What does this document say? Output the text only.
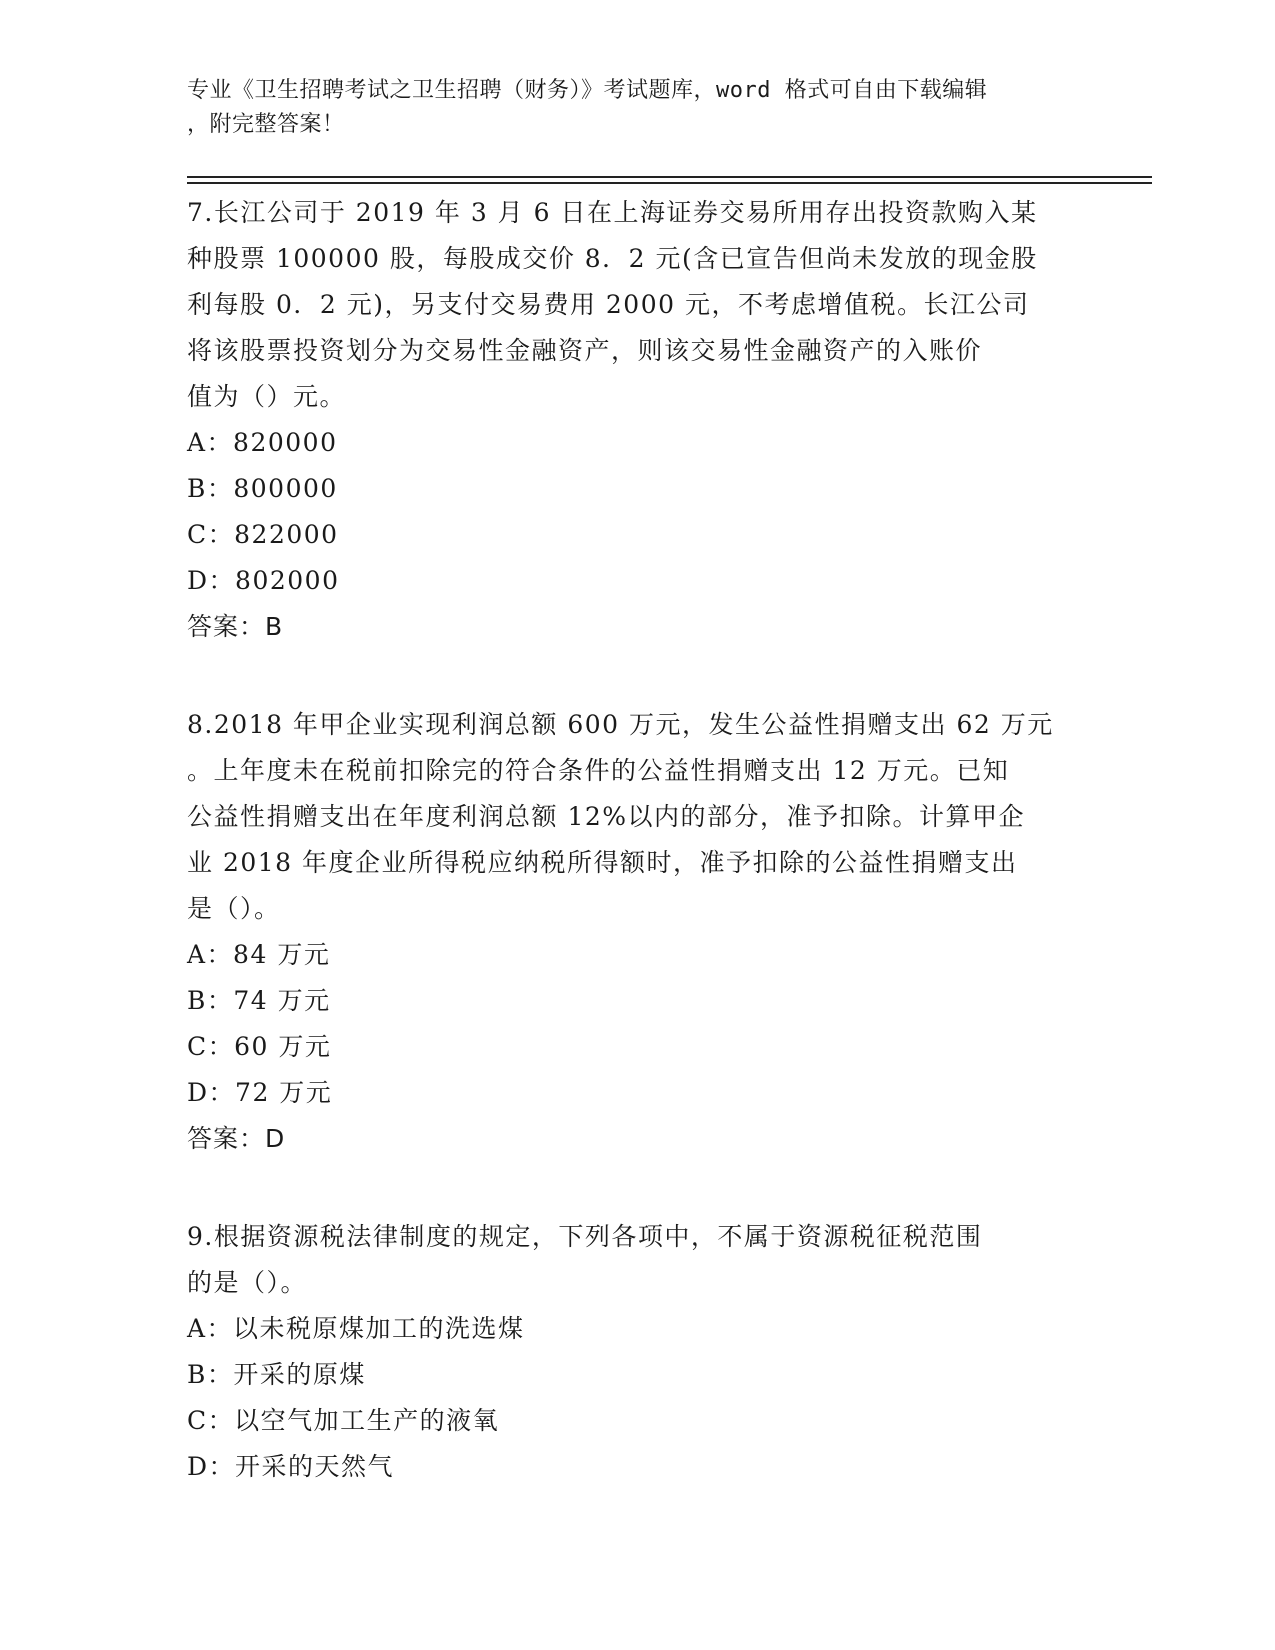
专业《卫生招聘考试之卫生招聘（财务）》考试题库，word 格式可自由下载编辑
，附完整答案！
7.长江公司于 2019 年 3 月 6 日在上海证券交易所用存出投资款购入某
种股票 100000 股，每股成交价 8．2 元(含已宣告但尚未发放的现金股
利每股 0．2 元)，另支付交易费用 2000 元，不考虑增值税。长江公司
将该股票投资划分为交易性金融资产，则该交易性金融资产的入账价
值为（）元。
A：820000
B：800000
C：822000
D：802000
答案：B
8.2018 年甲企业实现利润总额 600 万元，发生公益性捐赠支出 62 万元
。上年度未在税前扣除完的符合条件的公益性捐赠支出 12 万元。已知
公益性捐赠支出在年度利润总额 12%以内的部分，准予扣除。计算甲企
业 2018 年度企业所得税应纳税所得额时，准予扣除的公益性捐赠支出
是（）。
A：84 万元
B：74 万元
C：60 万元
D：72 万元
答案：D
9.根据资源税法律制度的规定，下列各项中，不属于资源税征税范围
的是（）。
A：以未税原煤加工的洗选煤
B：开采的原煤
C：以空气加工生产的液氧
D：开采的天然气
